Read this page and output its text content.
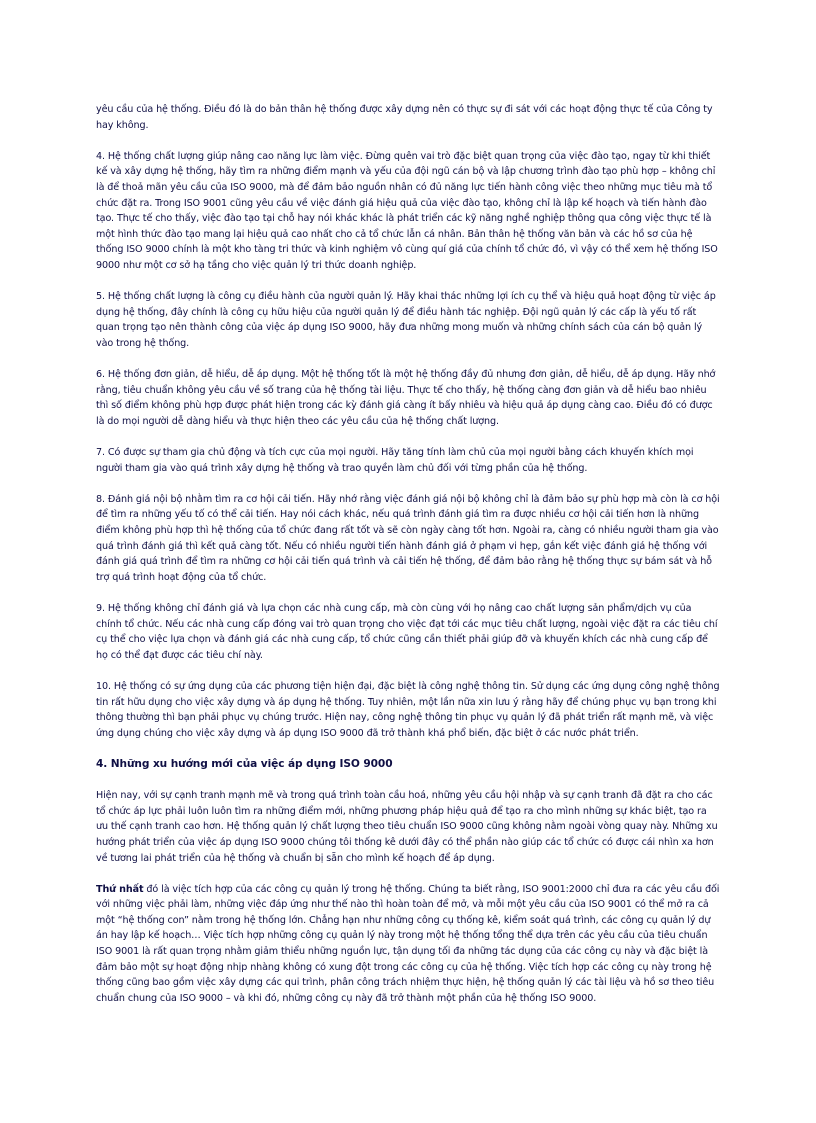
yêu cầu của hệ thống. Điều đó là do bản thân hệ thống được xây dựng nên có thực sự đi sát với các hoạt động thực tế của Công ty hay không.

4. Hệ thống chất lượng giúp nâng cao năng lực làm việc. Đừng quên vai trò đặc biệt quan trọng của việc đào tạo, ngay từ khi thiết kế và xây dựng hệ thống, hãy tìm ra những điểm mạnh và yếu của đội ngũ cán bộ và lập chương trình đào tạo phù hợp – không chỉ là để thoả mãn yêu cầu của ISO 9000, mà để đảm bảo nguồn nhân có đủ năng lực tiến hành công việc theo những mục tiêu mà tổ chức đặt ra. Trong ISO 9001 cũng yêu cầu về việc đánh giá hiệu quả của việc đào tạo, không chỉ là lập kế hoạch và tiến hành đào tạo. Thực tế cho thấy, việc đào tạo tại chỗ hay nói khác khác là phát triển các kỹ năng nghề nghiệp thông qua công việc thực tế là một hình thức đào tạo mang lại hiệu quả cao nhất cho cả tổ chức lẫn cá nhân. Bản thân hệ thống văn bản và các hồ sơ của hệ thống ISO 9000 chính là một kho tàng tri thức và kinh nghiệm vô cùng quí giá của chính tổ chức đó, vì vậy có thể xem hệ thống ISO 9000 như một cơ sở hạ tầng cho việc quản lý tri thức doanh nghiệp.

5. Hệ thống chất lượng là công cụ điều hành của người quản lý. Hãy khai thác những lợi ích cụ thể và hiệu quả hoạt động từ việc áp dụng hệ thống, đây chính là công cụ hữu hiệu của người quản lý để điều hành tác nghiệp. Đội ngũ quản lý các cấp là yếu tố rất quan trọng tạo nên thành công của việc áp dụng ISO 9000, hãy đưa những mong muốn và những chính sách của cán bộ quản lý vào trong hệ thống.

6. Hệ thống đơn giản, dễ hiểu, dễ áp dụng. Một hệ thống tốt là một hệ thống đầy đủ nhưng đơn giản, dễ hiểu, dễ áp dụng. Hãy nhớ rằng, tiêu chuẩn không yêu cầu về số trang của hệ thống tài liệu. Thực tế cho thấy, hệ thống càng đơn giản và dễ hiểu bao nhiêu thì số điểm không phù hợp được phát hiện trong các kỳ đánh giá càng ít bấy nhiêu và hiệu quả áp dụng càng cao. Điều đó có được là do mọi người dễ dàng hiểu và thực hiện theo các yêu cầu của hệ thống chất lượng.

7. Có được sự tham gia chủ động và tích cực của mọi người. Hãy tăng tính làm chủ của mọi người bằng cách khuyến khích mọi người tham gia vào quá trình xây dựng hệ thống và trao quyền làm chủ đối với từng phần của hệ thống.

8. Đánh giá nội bộ nhằm tìm ra cơ hội cải tiến. Hãy nhớ rằng việc đánh giá nội bộ không chỉ là đảm bảo sự phù hợp mà còn là cơ hội để tìm ra những yếu tố có thể cải tiến. Hay nói cách khác, nếu quá trình đánh giá tìm ra được nhiều cơ hội cải tiến hơn là những điểm không phù hợp thì hệ thống của tổ chức đang rất tốt và sẽ còn ngày càng tốt hơn. Ngoài ra, càng có nhiều người tham gia vào quá trình đánh giá thì kết quả càng tốt. Nếu có nhiều người tiến hành đánh giá ở phạm vi hẹp, gắn kết việc đánh giá hệ thống với đánh giá quá trình để tìm ra những cơ hội cải tiến quá trình và cải tiến hệ thống, để đảm bảo rằng hệ thống thực sự bám sát và hỗ trợ quá trình hoạt động của tổ chức.

9. Hệ thống không chỉ đánh giá và lựa chọn các nhà cung cấp, mà còn cùng với họ nâng cao chất lượng sản phẩm/dịch vụ của chính tổ chức. Nếu các nhà cung cấp đóng vai trò quan trọng cho việc đạt tới các mục tiêu chất lượng, ngoài việc đặt ra các tiêu chí cụ thể cho việc lựa chọn và đánh giá các nhà cung cấp, tổ chức cũng cần thiết phải giúp đỡ và khuyến khích các nhà cung cấp để họ có thể đạt được các tiêu chí này.

10. Hệ thống có sự ứng dụng của các phương tiện hiện đại, đặc biệt là công nghệ thông tin. Sử dụng các ứng dụng công nghệ thông tin rất hữu dụng cho việc xây dựng và áp dụng hệ thống. Tuy nhiên, một lần nữa xin lưu ý rằng hãy để chúng phục vụ bạn trong khi thông thường thì bạn phải phục vụ chúng trước. Hiện nay, công nghệ thông tin phục vụ quản lý đã phát triển rất mạnh mẽ, và việc ứng dụng chúng cho việc xây dựng và áp dụng ISO 9000 đã trở thành khá phổ biến, đặc biệt ở các nước phát triển.

4. Những xu hướng mới của việc áp dụng ISO 9000

Hiện nay, với sự cạnh tranh mạnh mẽ và trong quá trình toàn cầu hoá, những yêu cầu hội nhập và sự cạnh tranh đã đặt ra cho các tổ chức áp lực phải luôn luôn tìm ra những điểm mới, những phương pháp hiệu quả để tạo ra cho mình những sự khác biệt, tạo ra ưu thế cạnh tranh cao hơn. Hệ thống quản lý chất lượng theo tiêu chuẩn ISO 9000 cũng không nằm ngoài vòng quay này. Những xu hướng phát triển của việc áp dụng ISO 9000 chúng tôi thống kê dưới đây có thể phần nào giúp các tổ chức có được cái nhìn xa hơn về tương lai phát triển của hệ thống và chuẩn bị sẵn cho mình kế hoạch để áp dụng.

Thứ nhất đó là việc tích hợp của các công cụ quản lý trong hệ thống. Chúng ta biết rằng, ISO 9001:2000 chỉ đưa ra các yêu cầu đối với những việc phải làm, những việc đáp ứng như thế nào thì hoàn toàn để mở, và mỗi một yêu cầu của ISO 9001 có thể mở ra cả một “hệ thống con” nằm trong hệ thống lớn. Chẳng hạn như những công cụ thống kê, kiểm soát quá trình, các công cụ quản lý dự án hay lập kế hoạch… Việc tích hợp những công cụ quản lý này trong một hệ thống tổng thể dựa trên các yêu cầu của tiêu chuẩn ISO 9001 là rất quan trọng nhằm giảm thiểu những nguồn lực, tận dụng tối đa những tác dụng của các công cụ này và đặc biệt là đảm bảo một sự hoạt động nhịp nhàng không có xung đột trong các công cụ của hệ thống. Việc tích hợp các công cụ này trong hệ thống cũng bao gồm việc xây dựng các qui trình, phân công trách nhiệm thực hiện, hệ thống quản lý các tài liệu và hồ sơ theo tiêu chuẩn chung của ISO 9000 – và khi đó, những công cụ này đã trở thành một phần của hệ thống ISO 9000.
